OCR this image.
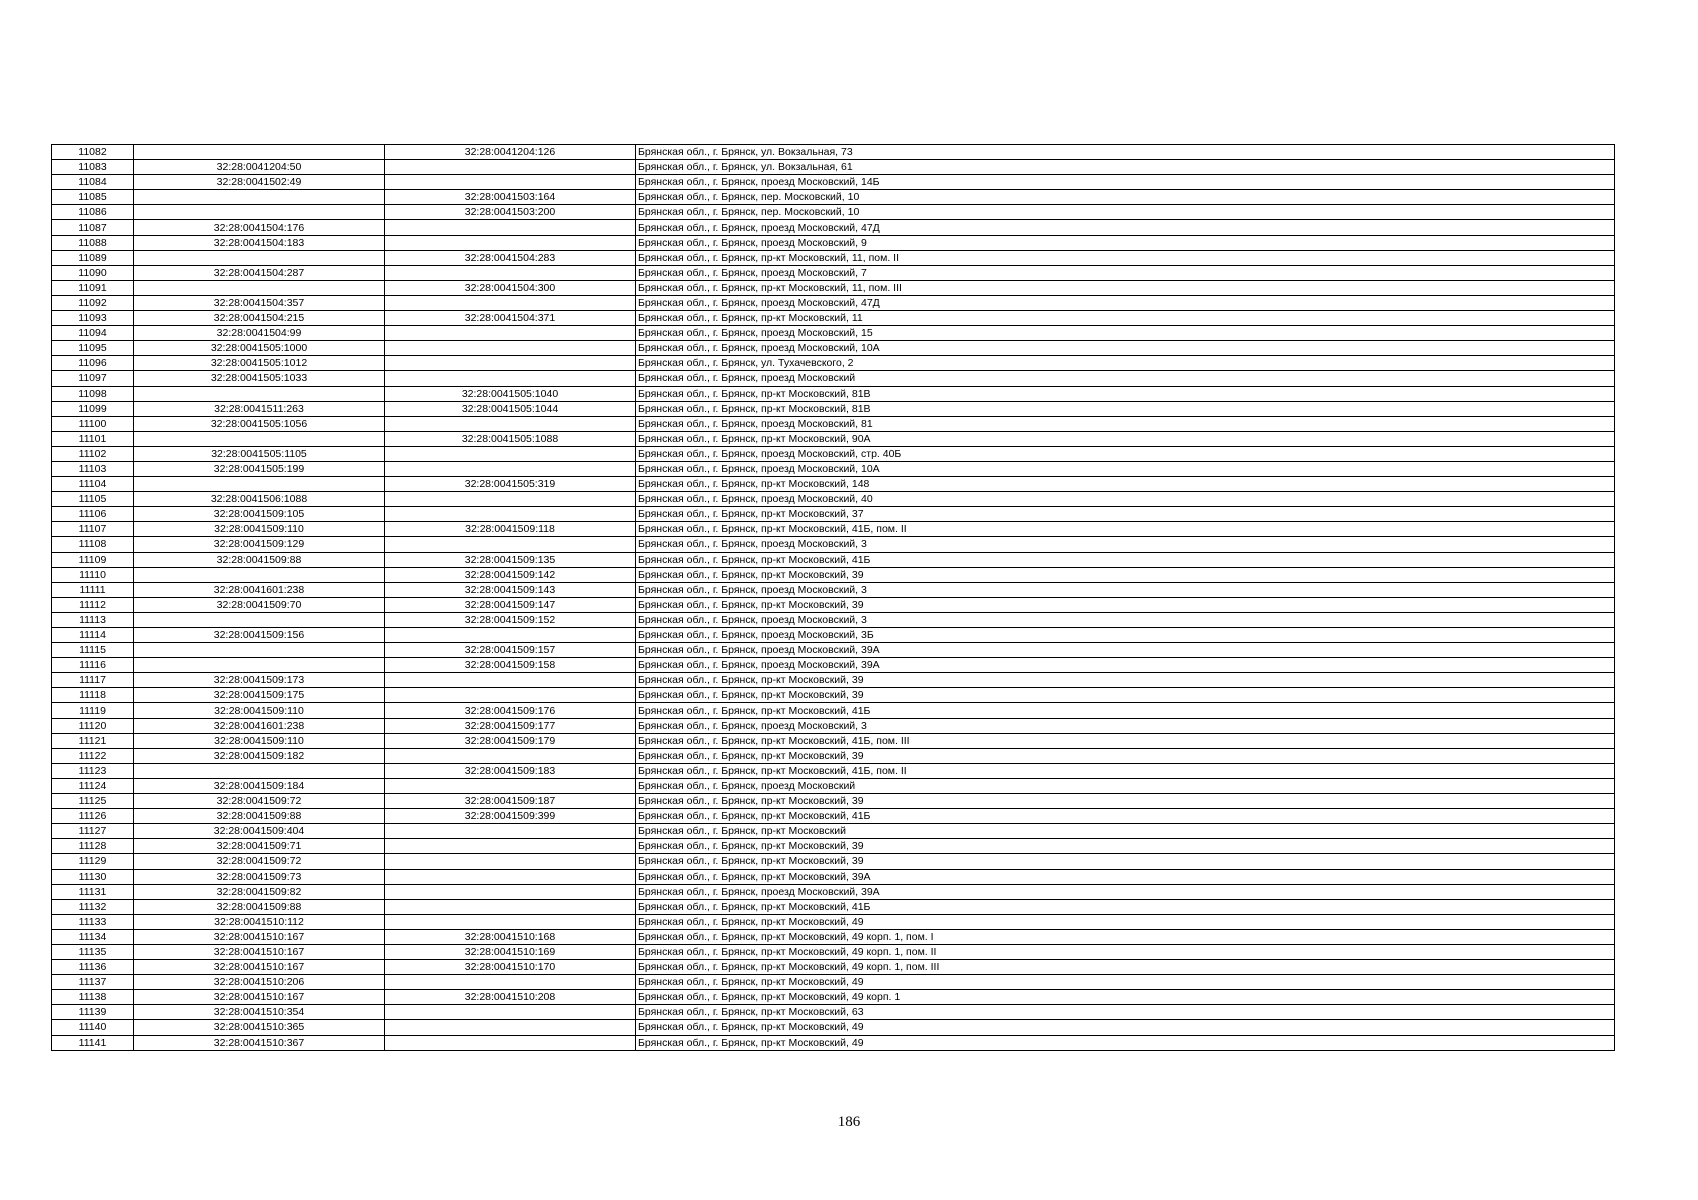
11082		32:28:0041204:126	Брянская обл., г. Брянск, ул. Вокзальная, 73
11083	32:28:0041204:50		Брянская обл., г. Брянск, ул. Вокзальная, 61
11084	32:28:0041502:49		Брянская обл., г. Брянск, проезд Московский, 14Б
11085		32:28:0041503:164	Брянская обл., г. Брянск, пер. Московский, 10
11086		32:28:0041503:200	Брянская обл., г. Брянск, пер. Московский, 10
11087	32:28:0041504:176		Брянская обл., г. Брянск, проезд Московский, 47Д
11088	32:28:0041504:183		Брянская обл., г. Брянск, проезд Московский, 9
11089		32:28:0041504:283	Брянская обл., г. Брянск, пр-кт Московский, 11, пом. II
11090	32:28:0041504:287		Брянская обл., г. Брянск, проезд Московский, 7
11091		32:28:0041504:300	Брянская обл., г. Брянск, пр-кт Московский, 11, пом. III
11092	32:28:0041504:357		Брянская обл., г. Брянск, проезд Московский, 47Д
11093	32:28:0041504:215	32:28:0041504:371	Брянская обл., г. Брянск, пр-кт Московский, 11
11094	32:28:0041504:99		Брянская обл., г. Брянск, проезд Московский, 15
11095	32:28:0041505:1000		Брянская обл., г. Брянск, проезд Московский, 10А
11096	32:28:0041505:1012		Брянская обл., г. Брянск, ул. Тухачевского, 2
11097	32:28:0041505:1033		Брянская обл., г. Брянск, проезд Московский
11098		32:28:0041505:1040	Брянская обл., г. Брянск, пр-кт Московский, 81В
11099	32:28:0041511:263	32:28:0041505:1044	Брянская обл., г. Брянск, пр-кт Московский, 81В
11100	32:28:0041505:1056		Брянская обл., г. Брянск, проезд Московский, 81
11101		32:28:0041505:1088	Брянская обл., г. Брянск, пр-кт Московский, 90А
11102	32:28:0041505:1105		Брянская обл., г. Брянск, проезд Московский, стр. 40Б
11103	32:28:0041505:199		Брянская обл., г. Брянск, проезд Московский, 10А
11104		32:28:0041505:319	Брянская обл., г. Брянск, пр-кт Московский, 148
11105	32:28:0041506:1088		Брянская обл., г. Брянск, проезд Московский, 40
11106	32:28:0041509:105		Брянская обл., г. Брянск, пр-кт Московский, 37
11107	32:28:0041509:110	32:28:0041509:118	Брянская обл., г. Брянск, пр-кт Московский, 41Б, пом. II
11108	32:28:0041509:129		Брянская обл., г. Брянск, проезд Московский, 3
11109	32:28:0041509:88	32:28:0041509:135	Брянская обл., г. Брянск, пр-кт Московский, 41Б
11110		32:28:0041509:142	Брянская обл., г. Брянск, пр-кт Московский, 39
11111	32:28:0041601:238	32:28:0041509:143	Брянская обл., г. Брянск, проезд Московский, 3
11112	32:28:0041509:70	32:28:0041509:147	Брянская обл., г. Брянск, пр-кт Московский, 39
11113		32:28:0041509:152	Брянская обл., г. Брянск, проезд Московский, 3
11114	32:28:0041509:156		Брянская обл., г. Брянск, проезд Московский, 3Б
11115		32:28:0041509:157	Брянская обл., г. Брянск, проезд Московский, 39А
11116		32:28:0041509:158	Брянская обл., г. Брянск, проезд Московский, 39А
11117	32:28:0041509:173		Брянская обл., г. Брянск, пр-кт Московский, 39
11118	32:28:0041509:175		Брянская обл., г. Брянск, пр-кт Московский, 39
11119	32:28:0041509:110	32:28:0041509:176	Брянская обл., г. Брянск, пр-кт Московский, 41Б
11120	32:28:0041601:238	32:28:0041509:177	Брянская обл., г. Брянск, проезд Московский, 3
11121	32:28:0041509:110	32:28:0041509:179	Брянская обл., г. Брянск, пр-кт Московский, 41Б, пом. III
11122	32:28:0041509:182		Брянская обл., г. Брянск, пр-кт Московский, 39
11123		32:28:0041509:183	Брянская обл., г. Брянск, пр-кт Московский, 41Б, пом. II
11124	32:28:0041509:184		Брянская обл., г. Брянск, проезд Московский
11125	32:28:0041509:72	32:28:0041509:187	Брянская обл., г. Брянск, пр-кт Московский, 39
11126	32:28:0041509:88	32:28:0041509:399	Брянская обл., г. Брянск, пр-кт Московский, 41Б
11127	32:28:0041509:404		Брянская обл., г. Брянск, пр-кт Московский
11128	32:28:0041509:71		Брянская обл., г. Брянск, пр-кт Московский, 39
11129	32:28:0041509:72		Брянская обл., г. Брянск, пр-кт Московский, 39
11130	32:28:0041509:73		Брянская обл., г. Брянск, пр-кт Московский, 39А
11131	32:28:0041509:82		Брянская обл., г. Брянск, проезд Московский, 39А
11132	32:28:0041509:88		Брянская обл., г. Брянск, пр-кт Московский, 41Б
11133	32:28:0041510:112		Брянская обл., г. Брянск, пр-кт Московский, 49
11134	32:28:0041510:167	32:28:0041510:168	Брянская обл., г. Брянск, пр-кт Московский, 49 корп. 1, пом. I
11135	32:28:0041510:167	32:28:0041510:169	Брянская обл., г. Брянск, пр-кт Московский, 49 корп. 1, пом. II
11136	32:28:0041510:167	32:28:0041510:170	Брянская обл., г. Брянск, пр-кт Московский, 49 корп. 1, пом. III
11137	32:28:0041510:206		Брянская обл., г. Брянск, пр-кт Московский, 49
11138	32:28:0041510:167	32:28:0041510:208	Брянская обл., г. Брянск, пр-кт Московский, 49 корп. 1
11139	32:28:0041510:354		Брянская обл., г. Брянск, пр-кт Московский, 63
11140	32:28:0041510:365		Брянская обл., г. Брянск, пр-кт Московский, 49
11141	32:28:0041510:367		Брянская обл., г. Брянск, пр-кт Московский, 49
186
